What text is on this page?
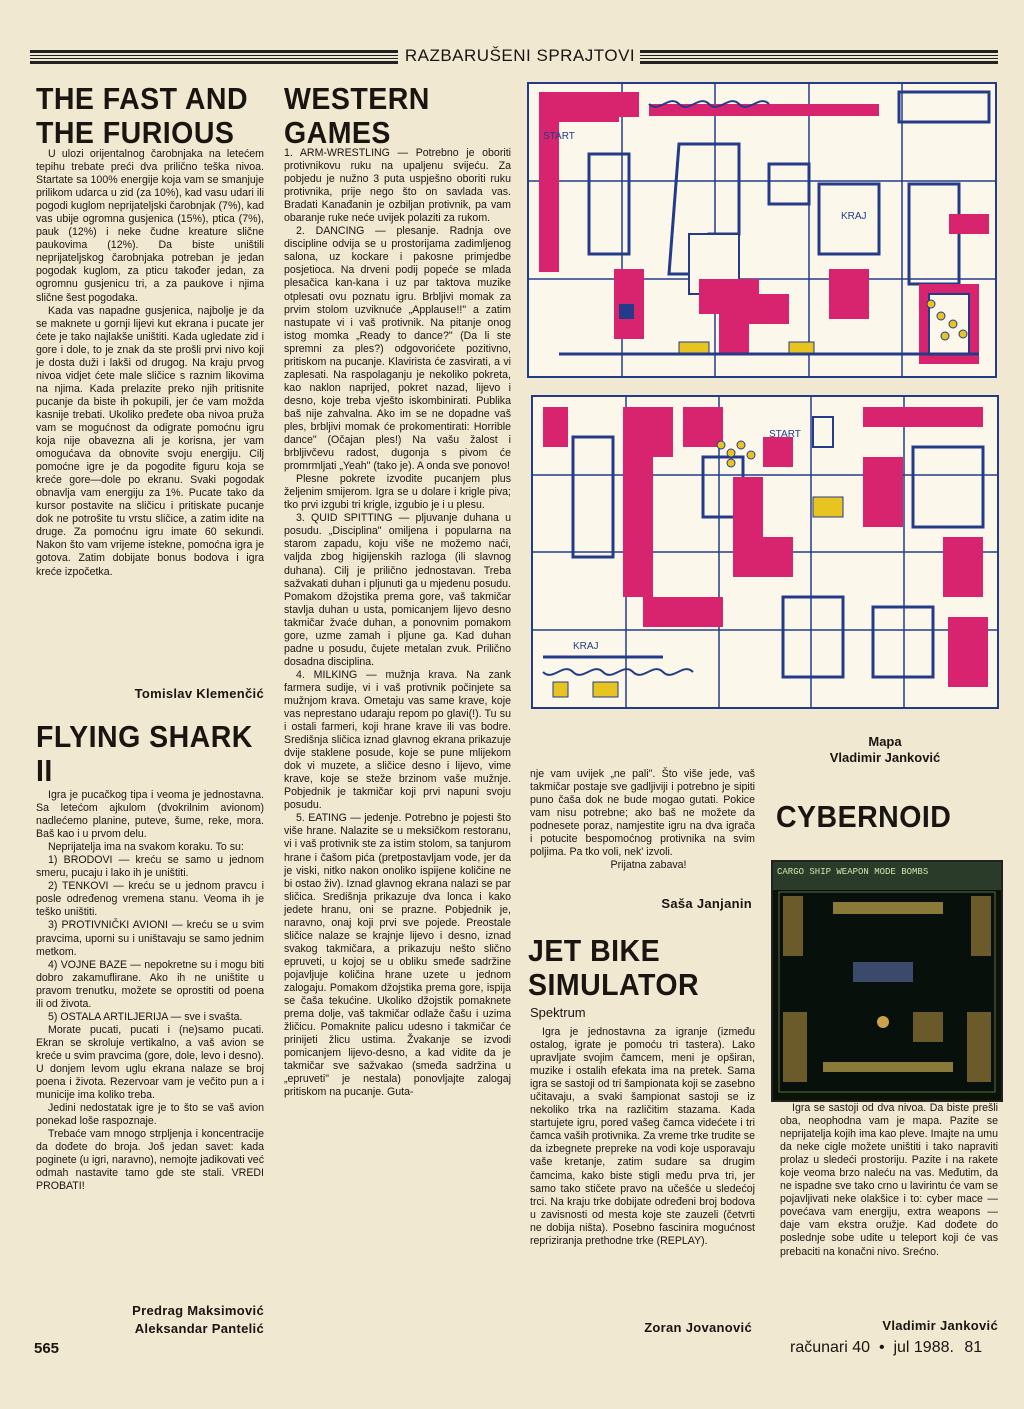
RAZBARUŠENI SPRAJTOVI
THE FAST AND
THE FURIOUS

U ulozi orijentalnog čarobnjaka na letećem tepihu trebate preći dva prilično teška nivoa. Startate sa 100% energije koja vam se smanjuje prilikom udarca u zid (za 10%), kad vasu udari ili pogodi kuglom neprijateljski čarobnjak (7%), kad vas ubije ogromna gusjenica (15%), ptica (7%), pauk (12%) i neke čudne kreature slične paukovima (12%). Da biste uništili neprijateljskog čarobnjaka potreban je jedan pogodak kuglom, za pticu također jedan, za ogromnu gusjenicu tri, a za paukove i njima slične šest pogodaka.

Kada vas napadne gusjenica, najbolje je da se maknete u gornji lijevi kut ekrana i pucate jer ćete je tako najlakše uništiti. Kada ugledate zid i gore i dole, to je znak da ste prošli prvi nivo koji je dosta duži i lakši od drugog. Na kraju prvog nivoa vidjet ćete male sličice s raznim likovima na njima. Kada prelazite preko njih pritisnite pucanje da biste ih pokupili, jer će vam možda kasnije trebati. Ukoliko pređete oba nivoa pruža vam se mogućnost da odigrate pomoćnu igru koja nije obavezna ali je korisna, jer vam omogućava da obnovite svoju energiju. Cilj pomoćne igre je da pogodite figuru koja se kreće gore—dole po ekranu. Svaki pogodak obnavlja vam energiju za 1%. Pucate tako da kursor postavite na sličicu i pritiskate pucanje dok ne potrošite tu vrstu sličice, a zatim idite na druge. Za pomoćnu igru imate 60 sekundi. Nakon što vam vrijeme istekne, pomoćna igra je gotova. Zatim dobijate bonus bodova i igra kreće izpočetka.

Tomislav Klemenčić
FLYING SHARK
II

Igra je pucačkog tipa i veoma je jednostavna. Sa letećom ajkulom (dvokrilnim avionom) nadlećemo planine, puteve, šume, reke, mora. Baš kao i u prvom delu.

Neprijatelja ima na svakom koraku. To su:

1) BRODOVI — kreću se samo u jednom smeru, pucaju i lako ih je uništiti.

2) TENKOVI — kreću se u jednom pravcu i posle određenog vremena stanu. Veoma ih je teško uništiti.

3) PROTIVNIČKI AVIONI — kreću se u svim pravcima, uporni su i uništavaju se samo jednim metkom.

4) VOJNE BAZE — nepokretne su i mogu biti dobro zakamuflirane. Ako ih ne uništite u pravom trenutku, možete se oprostiti od poena ili od života.

5) OSTALA ARTILJERIJA — sve i svašta.

Morate pucati, pucati i (ne)samo pucati. Ekran se skroluje vertikalno, a vaš avion se kreće u svim pravcima (gore, dole, levo i desno). U donjem levom uglu ekrana nalaze se broj poena i života. Rezervoar vam je večito pun a i municije ima koliko treba.

Jedini nedostatak igre je to što se vaš avion ponekad loše raspoznaje.

Trebaće vam mnogo strpljenja i koncentracije da dođete do broja. Još jedan savet: kada poginete (u igri, naravno), nemojte jadikovati već odmah nastavite tamo gde ste stali. VREDI PROBATI!

Predrag Maksimović
Aleksandar Pantelić
WESTERN
GAMES

1. ARM-WRESTLING — Potrebno je oboriti protivnikovu ruku na upaljenu svijeću. Za pobjedu je nužno 3 puta uspješno oboriti ruku protivnika, prije nego što on savlada vas. Bradati Kanađanin je ozbiljan protivnik, pa vam obaranje ruke neće uvijek polaziti za rukom.

2. DANCING — plesanje. Radnja ove discipline odvija se u prostorijama zadimljenog salona, uz kockare i pakosne primjedbe posjetioca. Na drveni podij popeće se mlada plesačica kan-kana i uz par taktova muzike otplesati ovu poznatu igru. Brbljivi momak za prvim stolom uzviknuće „Applause!!" a zatim nastupate vi i vaš protivnik. Na pitanje onog istog momka „Ready to dance?" (Da li ste spremni za ples?) odgovorićete pozitivno, pritiskom na pucanje. Klaviristа će zasvirati, a vi zaplesati. Na raspolaganju je nekoliko pokreta, kao naklon naprijed, pokret nazad, lijevo i desno, koje treba vješto iskombinirati. Publika baš nije zahvalna. Ako im se ne dopadne vaš ples, brbljivi momak će prokomentirati: Horrible dance" (Očajan ples!) Na vašu žalost i brbljivčevu radost, dugonja s pivom će promrmljati „Yeah" (tako je). A onda sve ponovo!

Plesne pokrete izvodite pucanjem plus željenim smijerom. Igra se u dolare i krigle piva; tko prvi izgubi tri krigle, izgubio je i u plesu.

3. QUID SPITTING — pljuvanje duhana u posudu. „Disciplina" omiljena i popularna na starom zapadu, koju više ne možemo naći, valjda zbog higijenskih razloga (ili slavnog duhana). Cilj je prilično jednostavan. Treba sažvakati duhan i pljunuti ga u mjedenu posudu. Pomakom džojstika prema gore, vaš takmičar stavlja duhan u usta, pomicanjem lijevo desno takmičar žvaće duhan, a ponovnim pomakom gore, uzme zamah i pljune ga. Kad duhan padne u posudu, čujete metalan zvuk. Prilično dosadna disciplina.

4. MILKING — mužnja krava. Na zank farmera sudije, vi i vaš protivnik počinjete sa mužnjom krava. Ometaju vas same krave, koje vas neprestano udaraju repom po glavi(!). Tu su i ostali farmeri, koji hrane krave ili vas bodre. Središnja sličica iznad glavnog ekrana prikazuje dvije staklene posude, koje se pune mlijekom dok vi muzete, a sličice desno i lijevo, vime krave, koje se steže brzinom vaše mužnje. Pobjednik je takmičar koji prvi napuni svoju posudu.

5. EATING — jedenje. Potrebno je pojesti što više hrane. Nalazite se u meksičkom restoranu, vi i vaš protivnik ste za istim stolom, sa tanjurom hrane i čašom pića (pretpostavljam vode, jer da je viski, nitko nakon onoliko ispijene količine ne bi ostao živ). Iznad glavnog ekrana nalazi se par sličica. Središnja prikazuje dva lonca i kako jedete hranu, oni se prazne. Pobjednik je, naravno, onaj koji prvi sve pojede. Preostale sličice nalaze se krajnje lijevo i desno, iznad svakog takmičara, a prikazuju nešto slično epruveti, u kojoj se u obliku smeđe sadržine pojavljuje količina hrane uzete u jednom zalogaju. Pomakom džojstika prema gore, ispija se čaša tekućine. Ukoliko džojstik pomaknete prema dolje, vaš takmičar odlaže čašu i uzima žličicu. Pomaknite palicu udesno i takmičar će prinijeti žlicu ustima. Žvakanje se izvodi pomicanjem lijevo-desno, a kad vidite da je takmičar sve sažvakao (smeđa sadržina u „epruveti" je nestala) ponovljajte zalogaj pritiskom na pucanje. Guta-

START
KRAJ
START
KRAJ
Mapa
Vladimir Janković

nje vam uvijek „ne pali". Što više jede, vaš takmičar postaje sve gadljiviji i potrebno je sipiti puno čaša dok ne bude mogao gutati. Pokice vam nisu potrebne; ako baš ne možete da podnesete poraz, namjestite igru na dva igrača i potucite bespomoćnog protivnika na svim poljima. Pa tko voli, nek' izvoli.

Prijatna zabava!

Saša Janjanin
JET BIKE
SIMULATOR
Spektrum

Igra je jednostavna za igranje (između ostalog, igrate je pomoću tri tastera). Lako upravljate svojim čamcem, meni je opširan, muzike i ostalih efekata ima na pretek. Sama igra se sastoji od tri šampionata koji se zasebno učitavaju, a svaki šampionat sastoji se iz nekoliko trka na različitim stazama. Kada startujete igru, pored vašeg čamca videćete i tri čamca vaših protivnika. Za vreme trke trudite se da izbegnete prepreke na vodi koje usporavaju vaše kretanje, zatim sudare sa drugim čamcima, kako biste stigli među prva tri, jer samo tako stičete pravo na učešće u sledećoj trci. Na kraju trke dobijate određeni broj bodova u zavisnosti od mesta koje ste zauzeli (četvrti ne dobija ništa). Posebno fascinira mogućnost repriziranja prethodne trke (REPLAY).

Zoran Jovanović
CYBERNOID
CARGO SHIP WEAPON MODE BOMBS

Igra se sastoji od dva nivoa. Da biste prešli oba, neophodna vam je mapa. Pazite se neprijatelja kojih ima kao pleve. Imajte na umu da neke cigle možete uništiti i tako napraviti prolaz u sledeći prostoriju. Pazite i na rakete koje veoma brzo naleću na vas. Međutim, da ne ispadne sve tako crno u lavirintu će vam se pojavljivati neke olakšice i to: cyber mace — povećava vam energiju, extra weapons — daje vam ekstra oružje. Kad dođete do poslednje sobe udite u teleport koji će vas prebaciti na konačni nivo. Srećno.

Vladimir Janković
565	računari 40  •  jul 1988. 81
